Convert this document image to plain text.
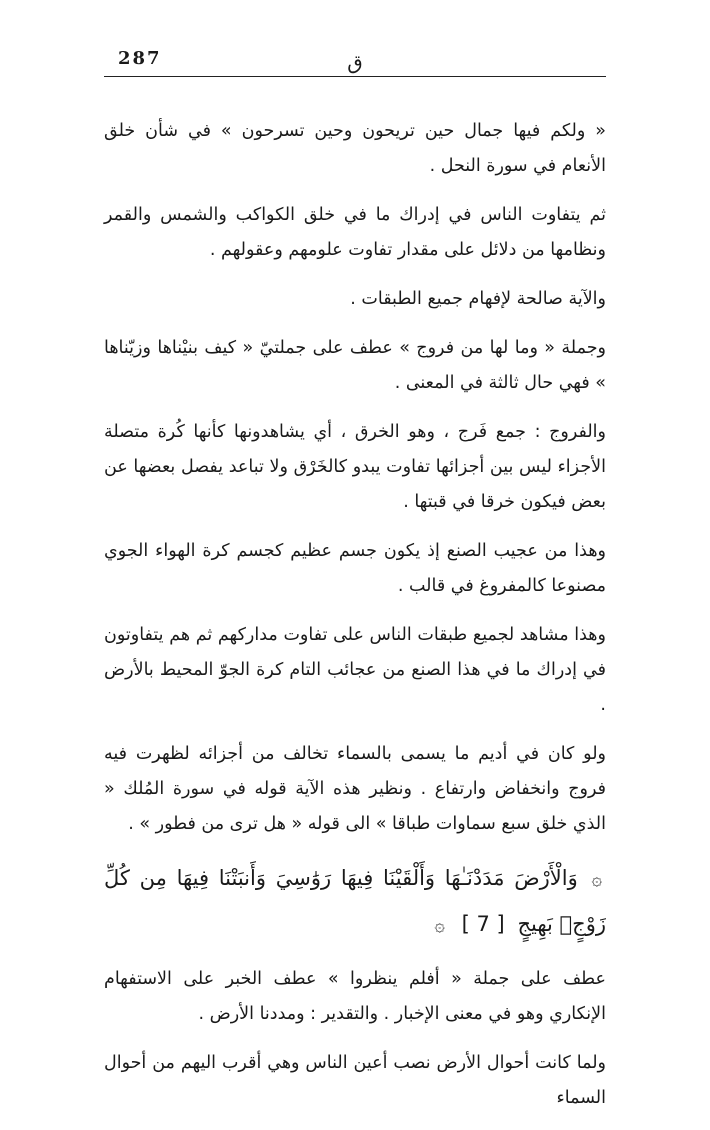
287	ق

« ولكم فيها جمال حين تريحون وحين تسرحون » في شأن خلق الأنعام في سورة النحل .

ثم يتفاوت الناس في إدراك ما في خلق الكواكب والشمس والقمر ونظامها من دلائل على مقدار تفاوت علومهم وعقولهم .

والآية صالحة لإفهام جميع الطبقات .

وجملة « وما لها من فروج » عطف على جملتيّ « كيف بنيْناها وزيّناها » فهي حال ثالثة في المعنى .

والفروج : جمع فَرج ، وهو الخرق ، أي يشاهدونها كأنها كُرة متصلة الأجزاء ليس بين أجزائها تفاوت يبدو كالخَرْق ولا تباعد يفصل بعضها عن بعض فيكون خرقا في قبتها .

وهذا من عجيب الصنع إذ يكون جسم عظيم كجسم كرة الهواء الجوي مصنوعا كالمفروغ في قالب .

وهذا مشاهد لجميع طبقات الناس على تفاوت مداركهم ثم هم يتفاوتون في إدراك ما في هذا الصنع من عجائب التام كرة الجوّ المحيط بالأرض .

ولو كان في أديم ما يسمى بالسماء تخالف من أجزائه لظهرت فيه فروج وانخفاض وارتفاع . ونظير هذه الآية قوله في سورة المُلك « الذي خلق سبع سماوات طباقا » الى قوله « هل ترى من فطور » .

۞ وَالْأَرْضَ مَدَدْنَـٰهَا وَأَلْقَيْنَا فِيهَا رَوَٰسِيَ وَأَنبَتْنَا فِيهَا مِن كُلِّ زَوْجٍۭ بَهِيجٍ [ 7 ] ۞

عطف على جملة « أفلم ينظروا » عطف الخبر على الاستفهام الإنكاري وهو في معنى الإخبار . والتقدير : ومددنا الأرض .

ولما كانت أحوال الأرض نصب أعين الناس وهي أقرب اليهم من أحوال السماء
